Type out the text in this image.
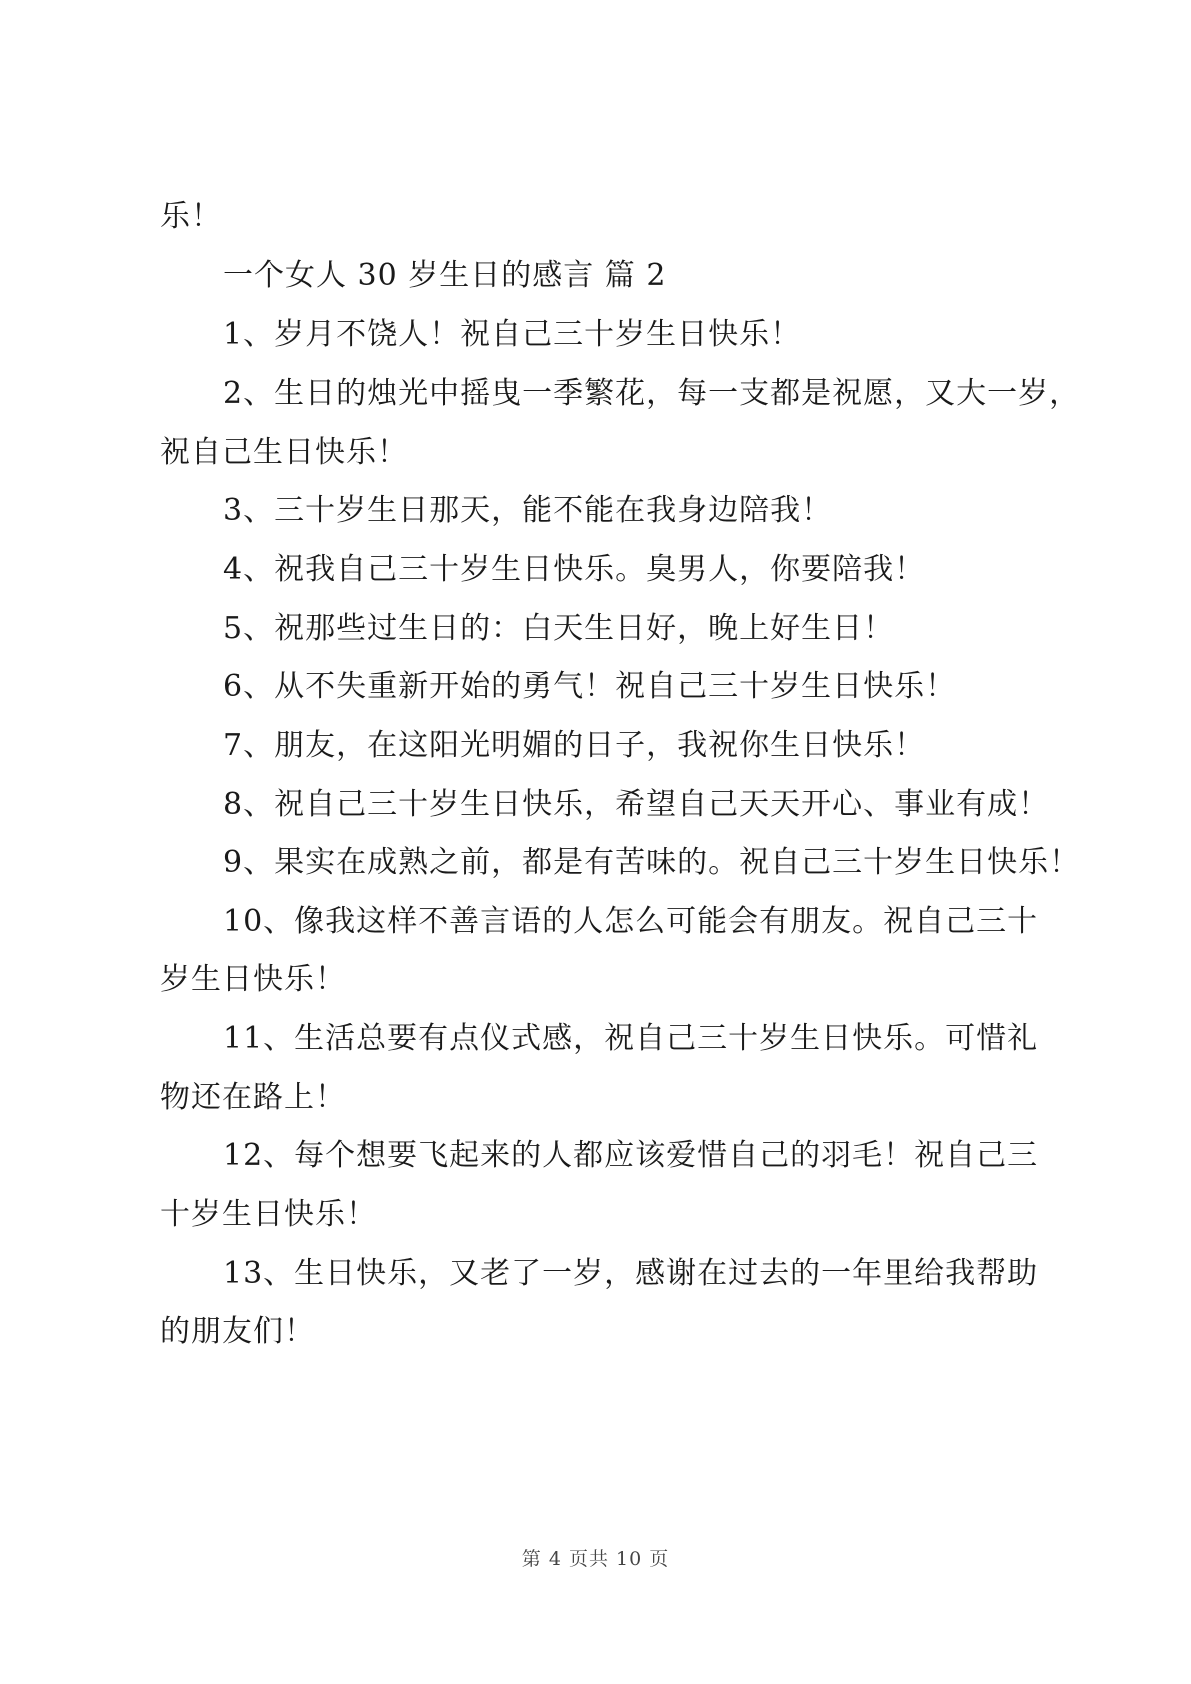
乐！
一个女人 30 岁生日的感言 篇 2
1、岁月不饶人！祝自己三十岁生日快乐！
2、生日的烛光中摇曳一季繁花，每一支都是祝愿，又大一岁，
祝自己生日快乐！
3、三十岁生日那天，能不能在我身边陪我！
4、祝我自己三十岁生日快乐。臭男人，你要陪我！
5、祝那些过生日的：白天生日好，晚上好生日！
6、从不失重新开始的勇气！祝自己三十岁生日快乐！
7、朋友，在这阳光明媚的日子，我祝你生日快乐！
8、祝自己三十岁生日快乐，希望自己天天开心、事业有成！
9、果实在成熟之前，都是有苦味的。祝自己三十岁生日快乐！
10、像我这样不善言语的人怎么可能会有朋友。祝自己三十
岁生日快乐！
11、生活总要有点仪式感，祝自己三十岁生日快乐。可惜礼
物还在路上！
12、每个想要飞起来的人都应该爱惜自己的羽毛！祝自己三
十岁生日快乐！
13、生日快乐，又老了一岁，感谢在过去的一年里给我帮助
的朋友们！
第 4 页共 10 页
